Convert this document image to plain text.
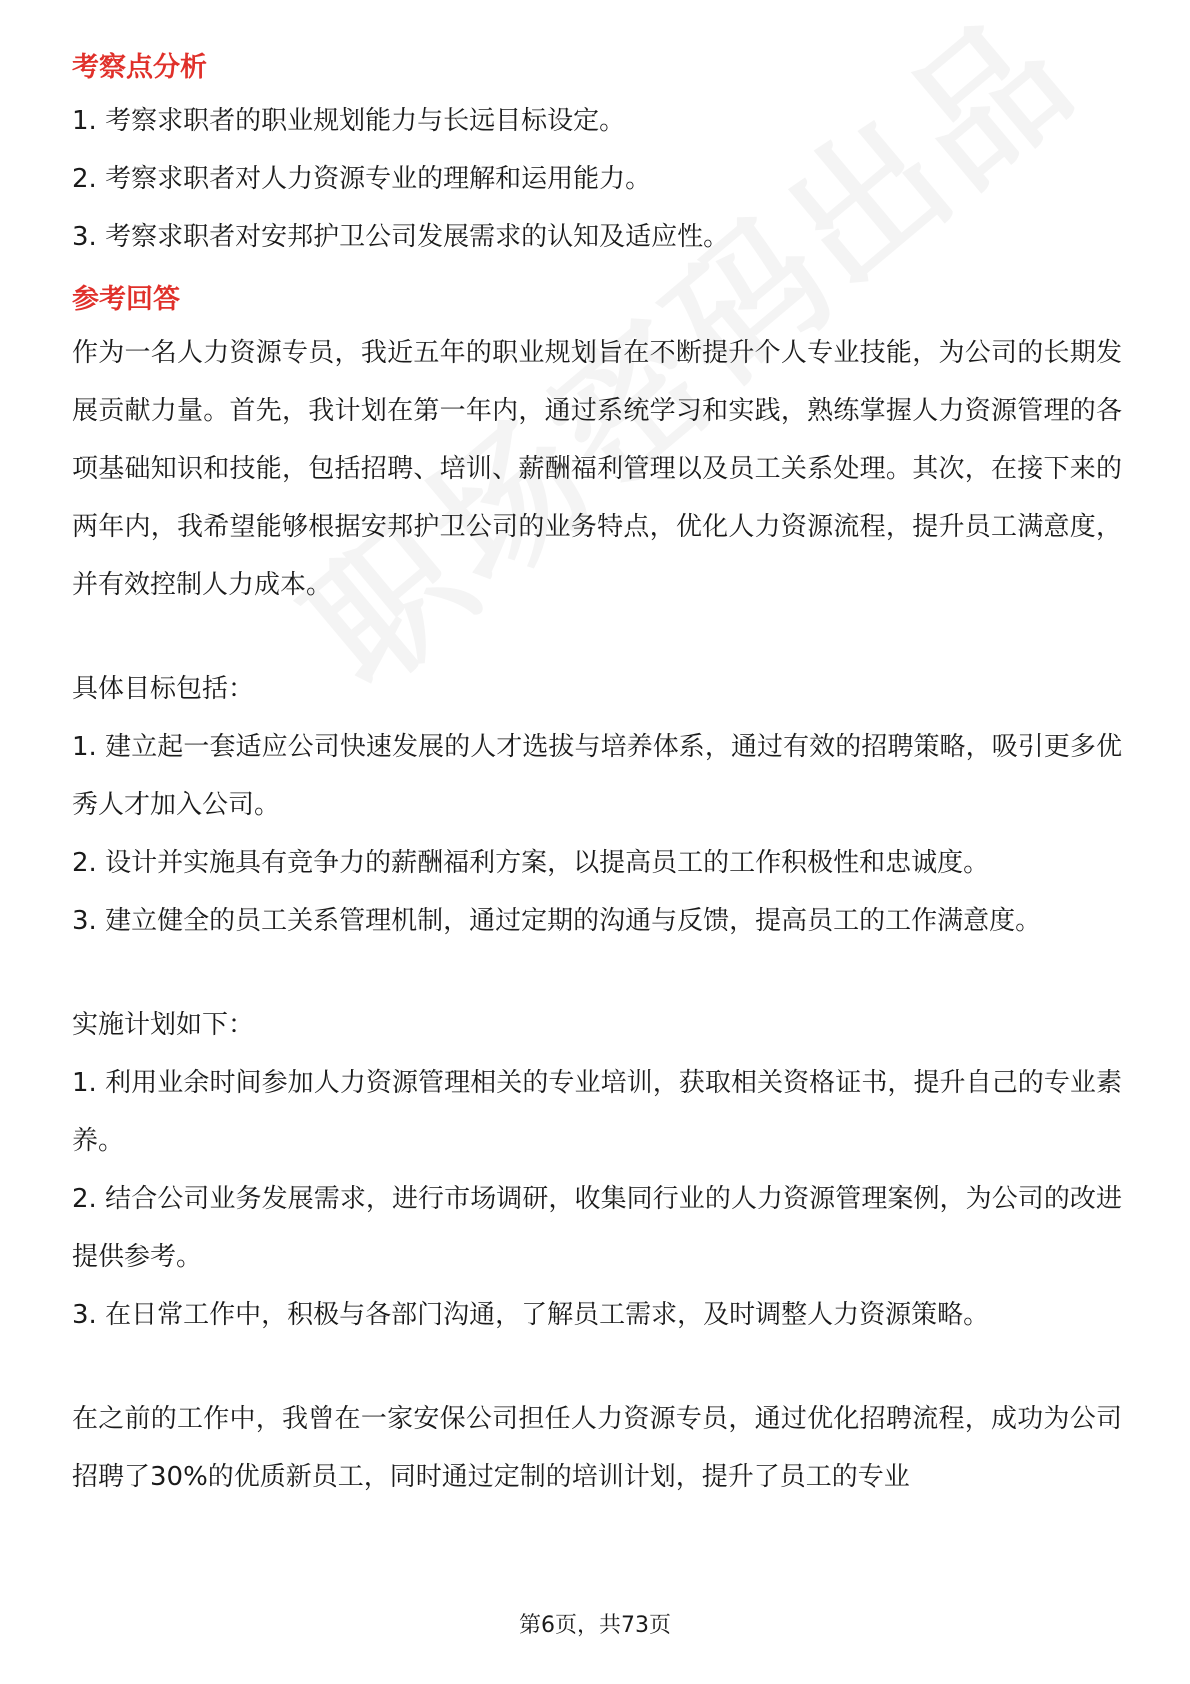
考察点分析

1. 考察求职者的职业规划能力与长远目标设定。

2. 考察求职者对人力资源专业的理解和运用能力。

3. 考察求职者对安邦护卫公司发展需求的认知及适应性。

参考回答

作为一名人力资源专员，我近五年的职业规划旨在不断提升个人专业技能，为公司的长期发展贡献力量。首先，我计划在第一年内，通过系统学习和实践，熟练掌握人力资源管理的各项基础知识和技能，包括招聘、培训、薪酬福利管理以及员工关系处理。其次，在接下来的两年内，我希望能够根据安邦护卫公司的业务特点，优化人力资源流程，提升员工满意度，并有效控制人力成本。

具体目标包括：

1. 建立起一套适应公司快速发展的人才选拔与培养体系，通过有效的招聘策略，吸引更多优秀人才加入公司。

2. 设计并实施具有竞争力的薪酬福利方案，以提高员工的工作积极性和忠诚度。

3. 建立健全的员工关系管理机制，通过定期的沟通与反馈，提高员工的工作满意度。

实施计划如下：

1. 利用业余时间参加人力资源管理相关的专业培训，获取相关资格证书，提升自己的专业素养。

2. 结合公司业务发展需求，进行市场调研，收集同行业的人力资源管理案例，为公司的改进提供参考。

3. 在日常工作中，积极与各部门沟通，了解员工需求，及时调整人力资源策略。

在之前的工作中，我曾在一家安保公司担任人力资源专员，通过优化招聘流程，成功为公司招聘了30%的优质新员工，同时通过定制的培训计划，提升了员工的专业

第6页，共73页
